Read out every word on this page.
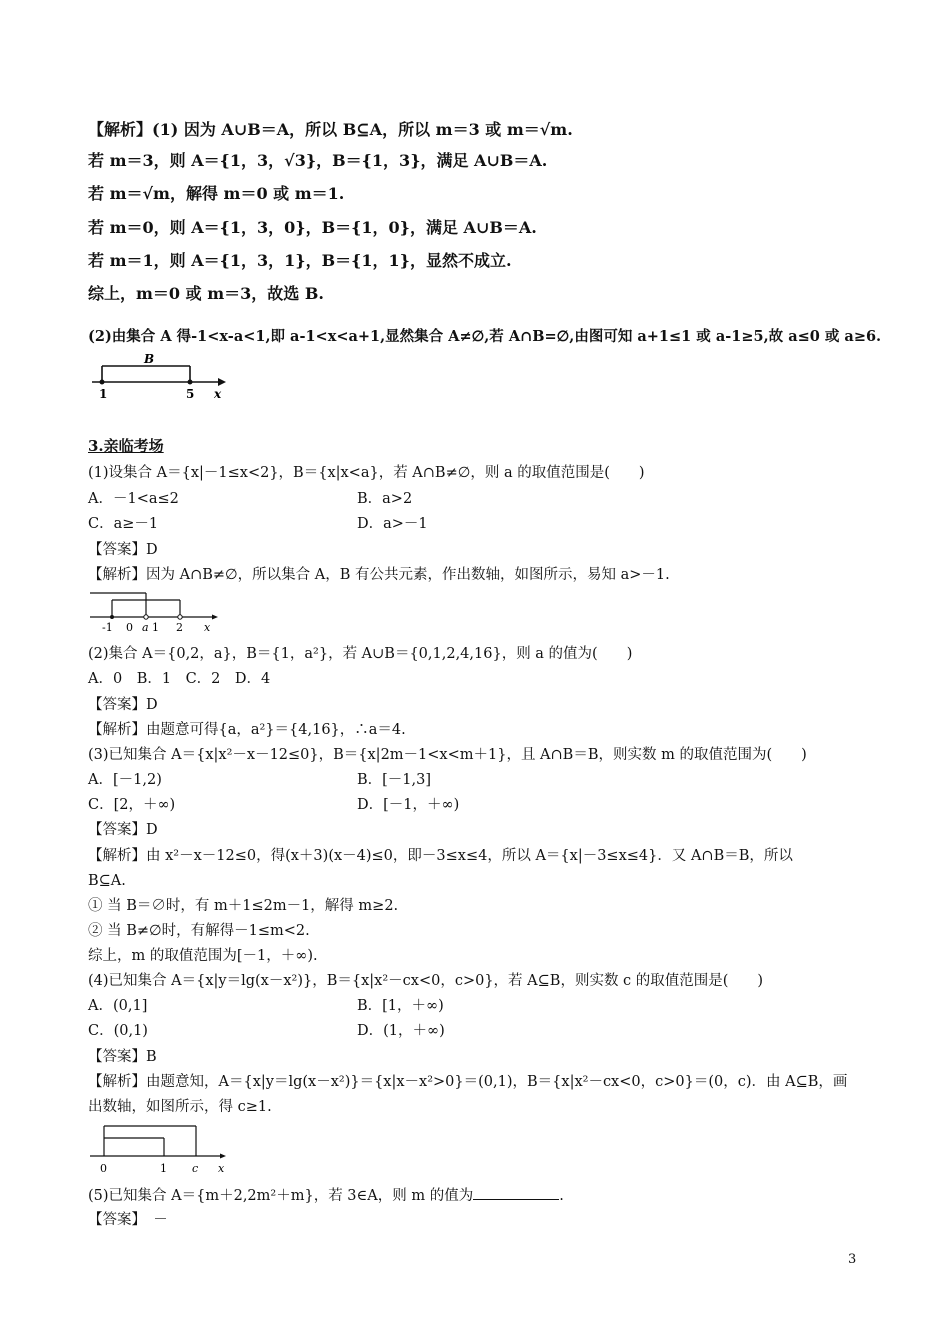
【解析】(1) 因为 A∪B＝A，所以 B⊆A，所以 m＝3 或 m＝√m.
若 m＝3，则 A＝{1，3，√3}，B＝{1，3}，满足 A∪B＝A.
若 m＝√m，解得 m＝0 或 m＝1.
若 m＝0，则 A＝{1，3，0}，B＝{1，0}，满足 A∪B＝A.
若 m＝1，则 A＝{1，3，1}，B＝{1，1}，显然不成立.
综上，m＝0 或 m＝3，故选 B.
(2)由集合 A 得-1<x-a<1,即 a-1<x<a+1,显然集合 A≠∅,若 A∩B=∅,由图可知 a+1≤1 或 a-1≥5,故 a≤0 或 a≥6.
B
1	5 x
3.亲临考场
(1)设集合 A＝{x|－1≤x<2}，B＝{x|x<a}，若 A∩B≠∅，则 a 的取值范围是(　　)
A．－1<a≤2	B．a>2
C．a≥－1	D．a>－1
【答案】D
【解析】因为 A∩B≠∅，所以集合 A，B 有公共元素，作出数轴，如图所示，易知 a>－1.
-1 0 a 1 2 x
(2)集合 A＝{0,2，a}，B＝{1，a²}，若 A∪B＝{0,1,2,4,16}，则 a 的值为(　　)
A．0　B．1　C．2　D．4
【答案】D
【解析】由题意可得{a，a²}＝{4,16}，∴a＝4.
(3)已知集合 A＝{x|x²－x－12≤0}，B＝{x|2m－1<x<m＋1}，且 A∩B＝B，则实数 m 的取值范围为(　　)
A．[－1,2)	B．[－1,3]
C．[2，＋∞)	D．[－1，＋∞)
【答案】D
【解析】由 x²－x－12≤0，得(x＋3)(x－4)≤0，即－3≤x≤4，所以 A＝{x|－3≤x≤4}．又 A∩B＝B，所以
B⊆A.
① 当 B＝∅时，有 m＋1≤2m－1，解得 m≥2.
② 当 B≠∅时，有解得－1≤m<2.
综上，m 的取值范围为[－1，＋∞).
(4)已知集合 A＝{x|y＝lg(x－x²)}，B＝{x|x²－cx<0，c>0}，若 A⊆B，则实数 c 的取值范围是(　　)
A．(0,1]	B．[1，＋∞)
C．(0,1)	D．(1，＋∞)
【答案】B
【解析】由题意知，A＝{x|y＝lg(x－x²)}＝{x|x－x²>0}＝(0,1)，B＝{x|x²－cx<0，c>0}＝(0，c)．由 A⊆B，画
出数轴，如图所示，得 c≥1.
0	1 c x
(5)已知集合 A＝{m＋2,2m²＋m}，若 3∈A，则 m 的值为	.
【答案】　－
3
